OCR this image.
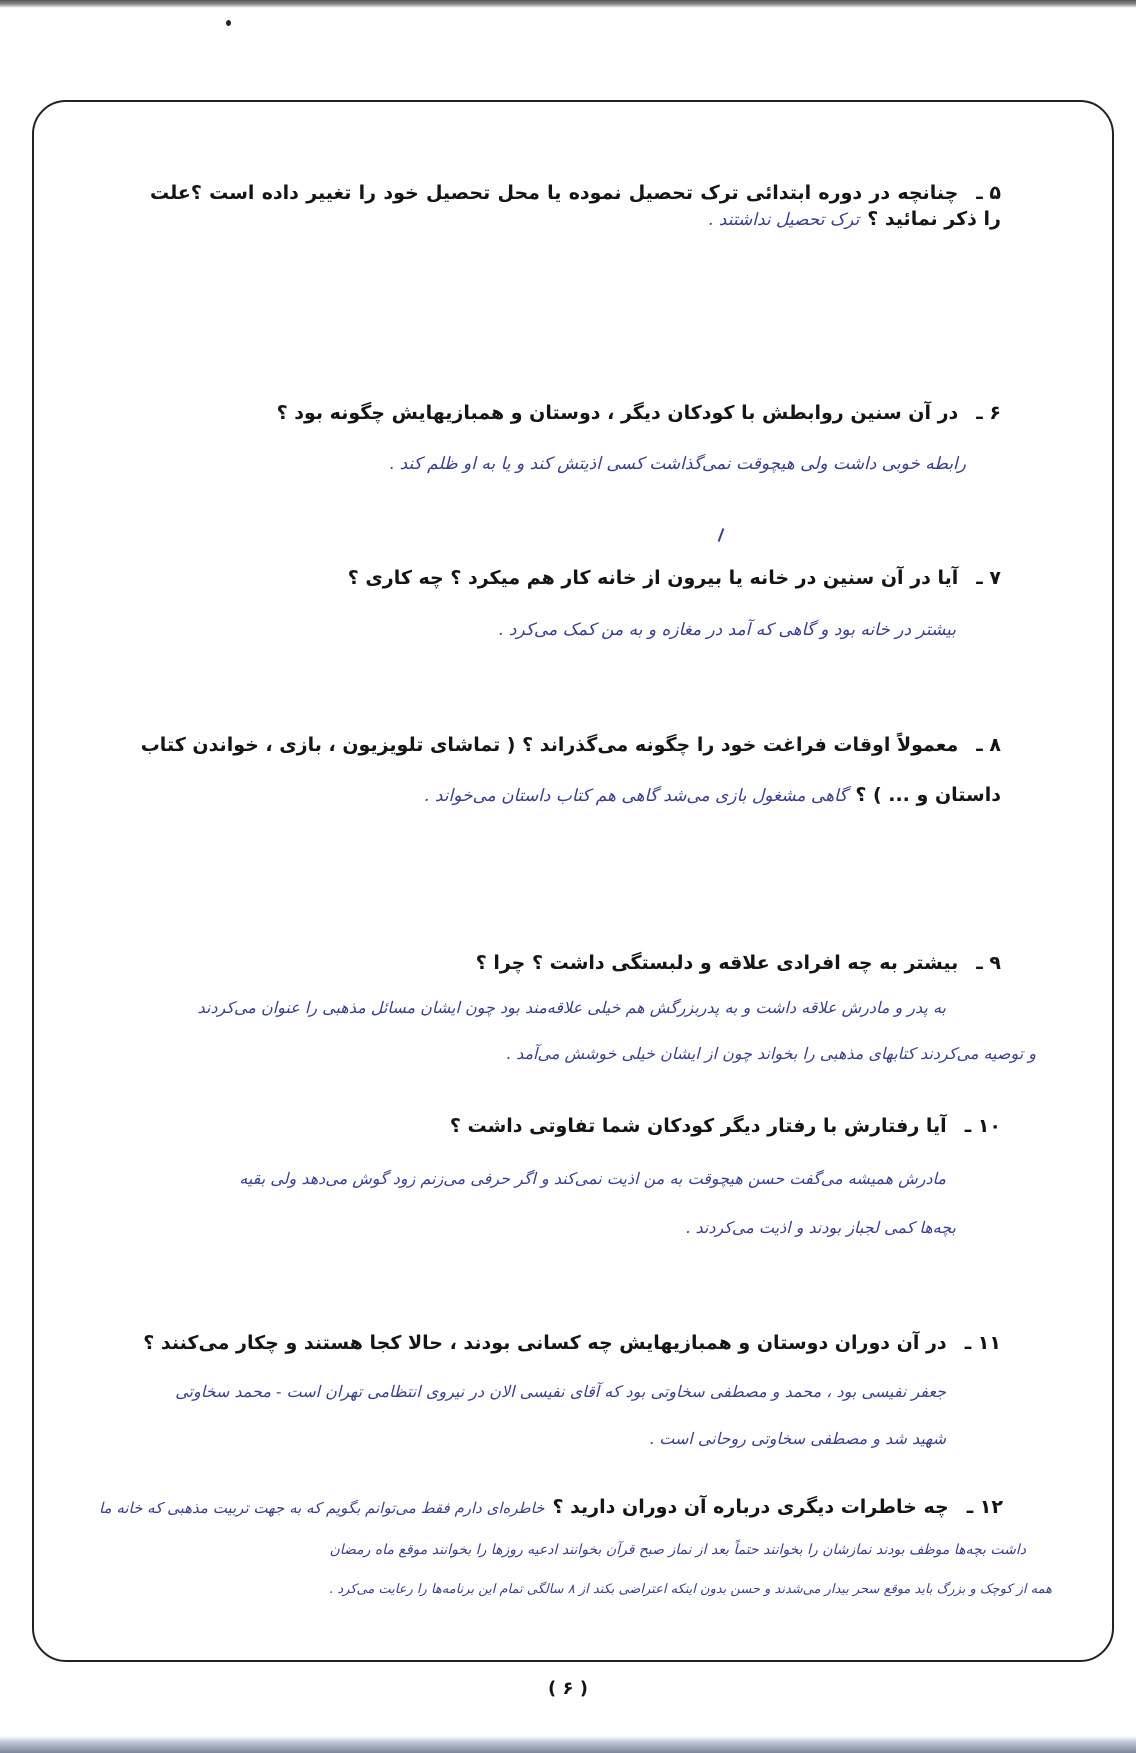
۵ ـچنانچه در دوره ابتدائی ترک تحصیل نموده یا محل تحصیل خود را تغییر داده است ؟علت را ذکر نمائید ؟ترک تحصیل نداشتند .
۶ ـدر آن سنین روابطش با کودکان دیگر ، دوستان و همبازیهایش چگونه بود ؟
رابطه خوبی داشت ولی هیچوقت نمی‌گذاشت کسی اذیتش کند و یا به او ظلم کند .
۷ ـآیا در آن سنین در خانه یا بیرون از خانه کار هم میکرد ؟ چه کاری ؟
بیشتر در خانه بود و گاهی که آمد در مغازه و به من کمک می‌کرد .
۸ ـمعمولاً اوقات فراغت خود را چگونه می‌گذراند ؟ ( تماشای تلویزیون ، بازی ، خواندن کتاب
داستان و ... ) ؟گاهی مشغول بازی می‌شد گاهی هم کتاب داستان می‌خواند .
۹ ـبیشتر به چه افرادی علاقه و دلبستگی داشت ؟ چرا ؟
به پدر و مادرش علاقه داشت و به پدربزرگش هم خیلی علاقه‌مند بود چون ایشان مسائل مذهبی را عنوان می‌کردند
و توصیه می‌کردند کتابهای مذهبی را بخواند چون از ایشان خیلی خوشش می‌آمد .
۱۰ ـآیا رفتارش با رفتار دیگر کودکان شما تفاوتی داشت ؟
مادرش همیشه می‌گفت حسن هیچوقت به من اذیت نمی‌کند و اگر حرفی می‌زنم زود گوش می‌دهد ولی بقیه
بچه‌ها کمی لجباز بودند و اذیت می‌کردند .
۱۱ ـدر آن دوران دوستان و همبازیهایش چه کسانی بودند ، حالا کجا هستند و چکار می‌کنند ؟
جعفر نفیسی بود ، محمد و مصطفی سخاوتی بود که آقای نفیسی الان در نیروی انتظامی تهران است - محمد سخاوتی
شهید شد و مصطفی سخاوتی روحانی است .
۱۲ ـچه خاطرات دیگری درباره آن دوران دارید ؟خاطره‌ای دارم فقط می‌توانم بگویم که به جهت تربیت مذهبی که خانه ما
داشت بچه‌ها موظف بودند نمازشان را بخوانند حتماً بعد از نماز صبح قرآن بخوانند ادعیه روزها را بخوانند موقع ماه رمضان
همه از کوچک و بزرگ باید موقع سحر بیدار می‌شدند و حسن بدون اینکه اعتراضی بکند از ۸ سالگی تمام این برنامه‌ها را رعایت می‌کرد .
( ۶ )
